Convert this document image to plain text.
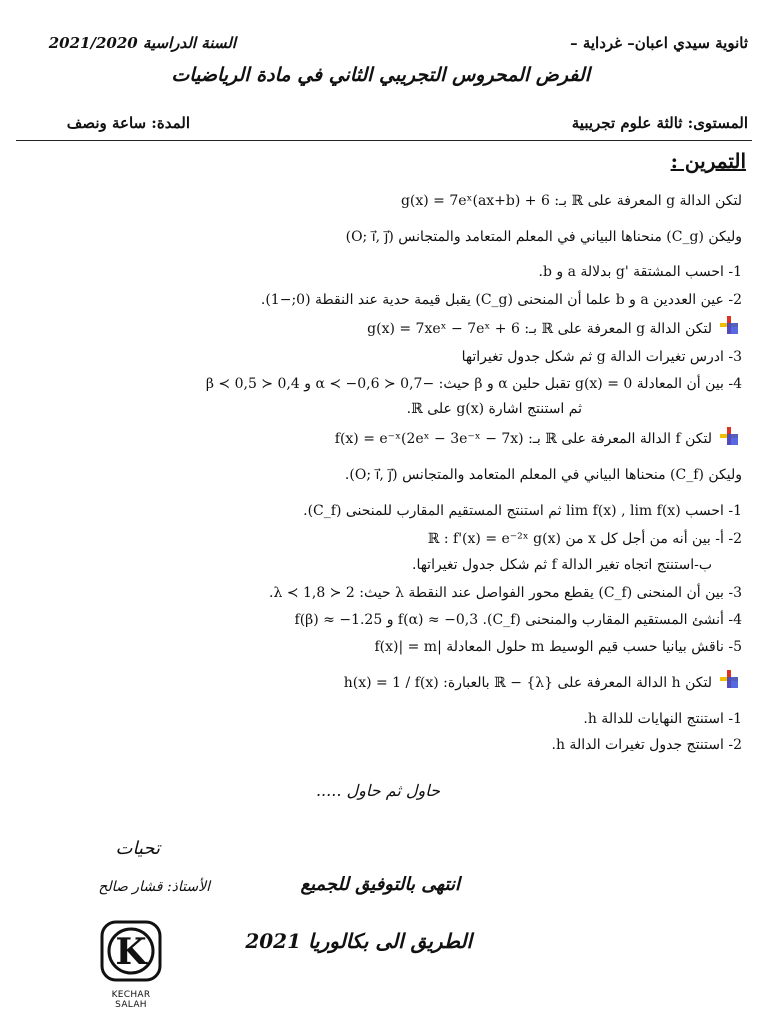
ثانوية سيدي اعبان– غرداية –
السنة الدراسية 2021/2020
الفرض المحروس التجريبي الثاني في مادة الرياضيات
المستوى: ثالثة علوم تجريبية
المدة: ساعة ونصف
التمرين :
لتكن الدالة g المعرفة على ℝ بـ: g(x) = 7eˣ(ax+b) + 6
وليكن (C_g) منحناها البياني في المعلم المتعامد والمتجانس (O; i⃗, j⃗)
1- احسب المشتقة 'g بدلالة a و b.
2- عين العددين a و b علما أن المنحنى (C_g) يقبل قيمة حدية عند النقطة (0;−1).
لتكن الدالة g المعرفة على ℝ بـ: g(x) = 7xeˣ − 7eˣ + 6
3- ادرس تغيرات الدالة g ثم شكل جدول تغيراتها
4- بين أن المعادلة g(x) = 0 تقبل حلين α و β حيث: −0,7 ≺ α ≺ −0,6 و 0,4 ≺ β ≺ 0,5
ثم استنتج اشارة g(x) على ℝ.
لتكن f الدالة المعرفة على ℝ بـ: f(x) = e⁻ˣ(2eˣ − 3e⁻ˣ − 7x)
وليكن (C_f) منحناها البياني في المعلم المتعامد والمتجانس (O; i⃗, j⃗).
1- احسب lim f(x) , lim f(x) ثم استنتج المستقيم المقارب للمنحنى (C_f).
2- أ- بين أنه من أجل كل x من ℝ : f'(x) = e⁻²ˣ g(x)
ب-استنتج اتجاه تغير الدالة f ثم شكل جدول تغيراتها.
3- بين أن المنحنى (C_f) يقطع محور الفواصل عند النقطة λ حيث: 2 ≺ λ ≺ 1,8.
4- أنشئ المستقيم المقارب والمنحنى (C_f). f(α) ≈ −0,3 و f(β) ≈ −1.25
5- ناقش بيانيا حسب قيم الوسيط m حلول المعادلة |f(x)| = m
لتكن h الدالة المعرفة على ℝ − {λ} بالعبارة: h(x) = 1 / f(x)
1- استنتج النهايات للدالة h.
2- استنتج جدول تغيرات الدالة h.
حاول ثم حاول .....
تحيات
الأستاذ: قشار صالح	انتهى بالتوفيق للجميع
الطريق الى بكالوريا 2021
K
KECHAR SALAH
